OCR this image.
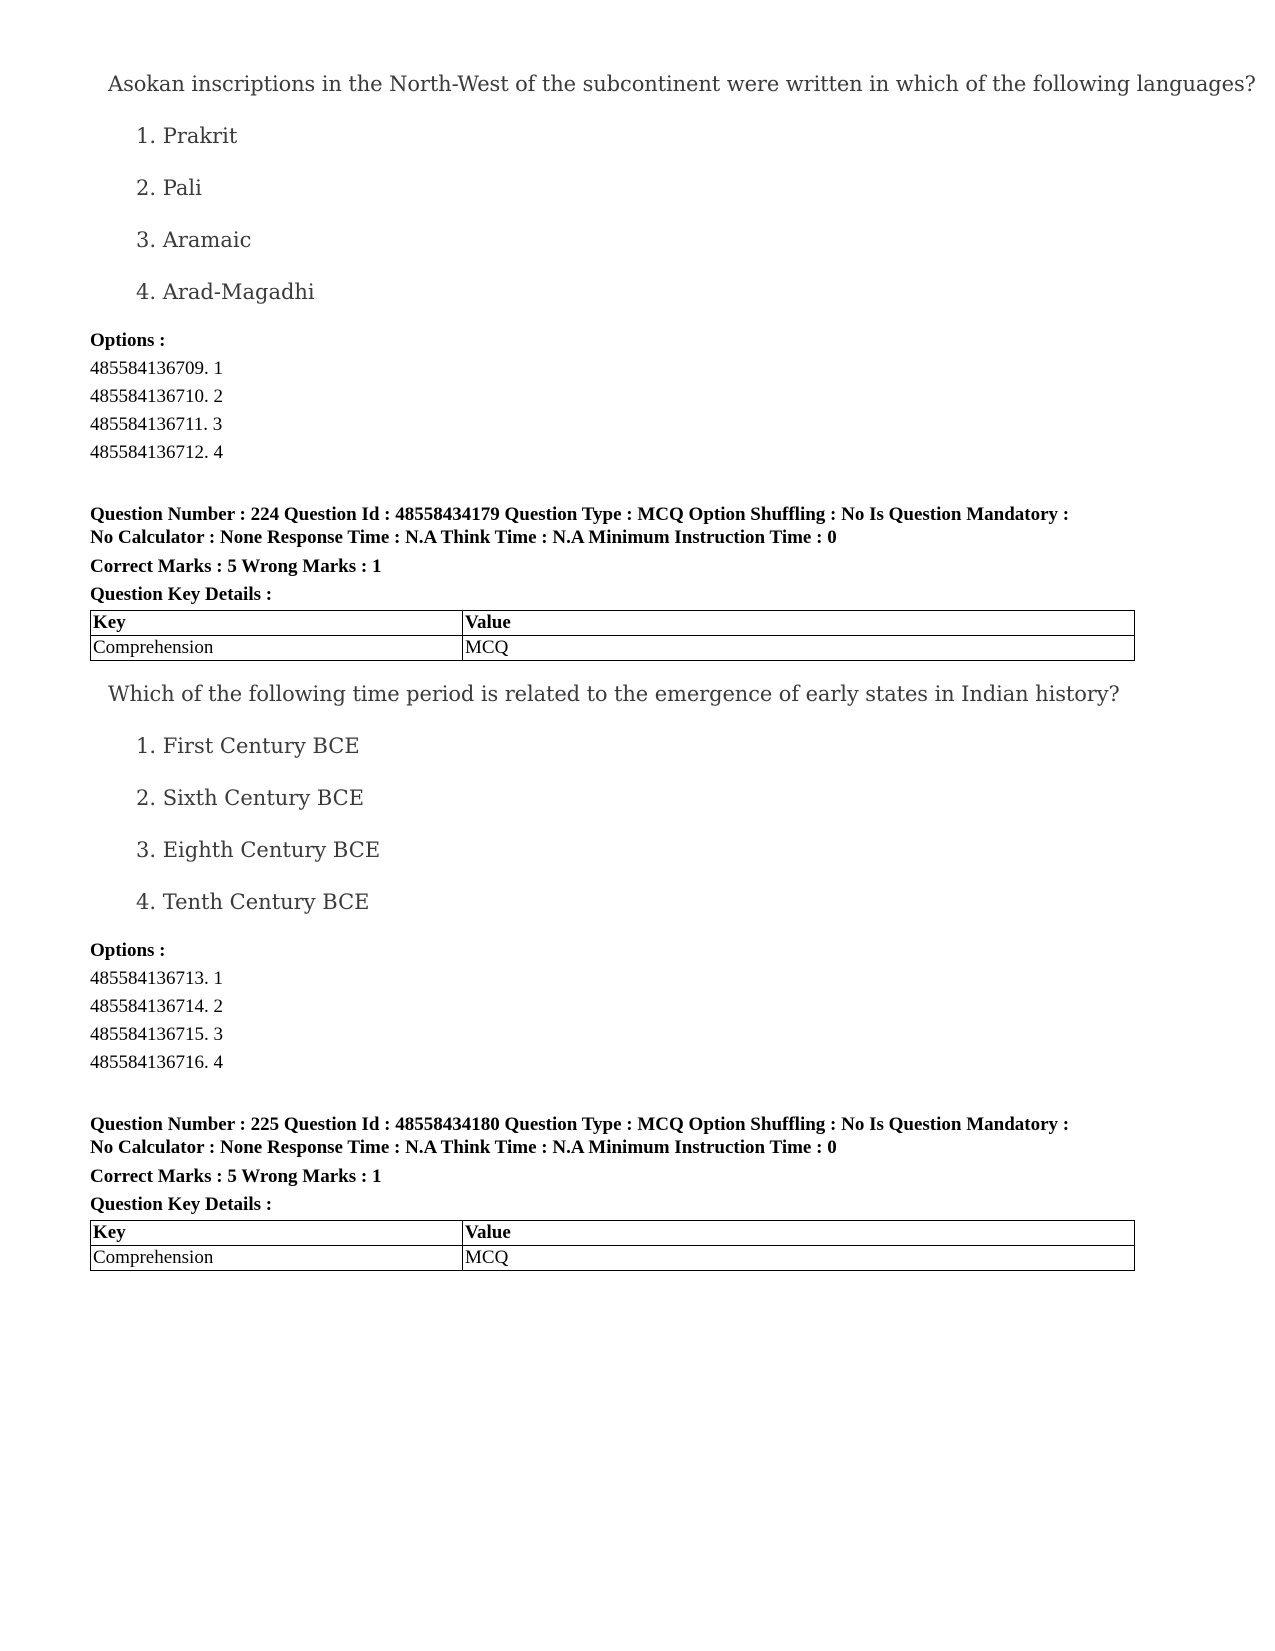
Asokan inscriptions in the North-West of the subcontinent were written in which of the following languages?
1. Prakrit
2. Pali
3. Aramaic
4. Arad-Magadhi
Options :
485584136709. 1
485584136710. 2
485584136711. 3
485584136712. 4
Question Number : 224 Question Id : 48558434179 Question Type : MCQ Option Shuffling : No Is Question Mandatory :
No Calculator : None Response Time : N.A Think Time : N.A Minimum Instruction Time : 0
Correct Marks : 5 Wrong Marks : 1
Question Key Details :
Key	Value
Comprehension	MCQ
Which of the following time period is related to the emergence of early states in Indian history?
1. First Century BCE
2. Sixth Century BCE
3. Eighth Century BCE
4. Tenth Century BCE
Options :
485584136713. 1
485584136714. 2
485584136715. 3
485584136716. 4
Question Number : 225 Question Id : 48558434180 Question Type : MCQ Option Shuffling : No Is Question Mandatory :
No Calculator : None Response Time : N.A Think Time : N.A Minimum Instruction Time : 0
Correct Marks : 5 Wrong Marks : 1
Question Key Details :
Key	Value
Comprehension	MCQ
